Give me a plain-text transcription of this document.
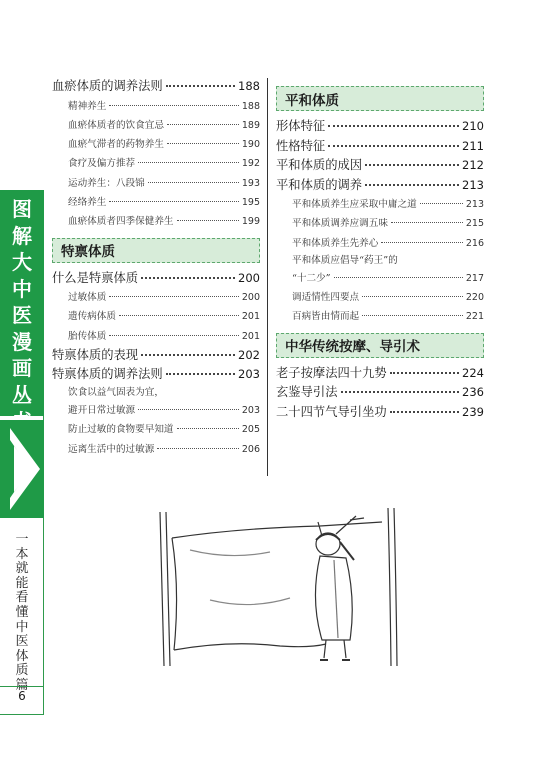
图
解
大
中
医
漫
画
丛
一
本
就
能
看
懂
中
医
体
质
篇
6
血瘀体质的调养法则	188
精神养生	188
血瘀体质者的饮食宜忌	189
血瘀气滞者的药物养生	190
食疗及偏方推荐	192
运动养生：八段锦	193
经络养生	195
血瘀体质者四季保健养生	199
特禀体质
什么是特禀体质	200
过敏体质	200
遗传病体质	201
胎传体质	201
特禀体质的表现	202
特禀体质的调养法则	203
饮食以益气固表为宜，
避开日常过敏源	203
防止过敏的食物要早知道	205
远离生活中的过敏源	206
平和体质
形体特征	210
性格特征	211
平和体质的成因	212
平和体质的调养	213
平和体质养生应采取中庸之道	213
平和体质调养应调五味	215
平和体质养生先养心	216
平和体质应倡导“药王”的
“十二少”	217
调适情性四要点	220
百病皆由情而起	221
中华传统按摩、导引术
老子按摩法四十九势	224
玄鉴导引法	236
二十四节气导引坐功	239
